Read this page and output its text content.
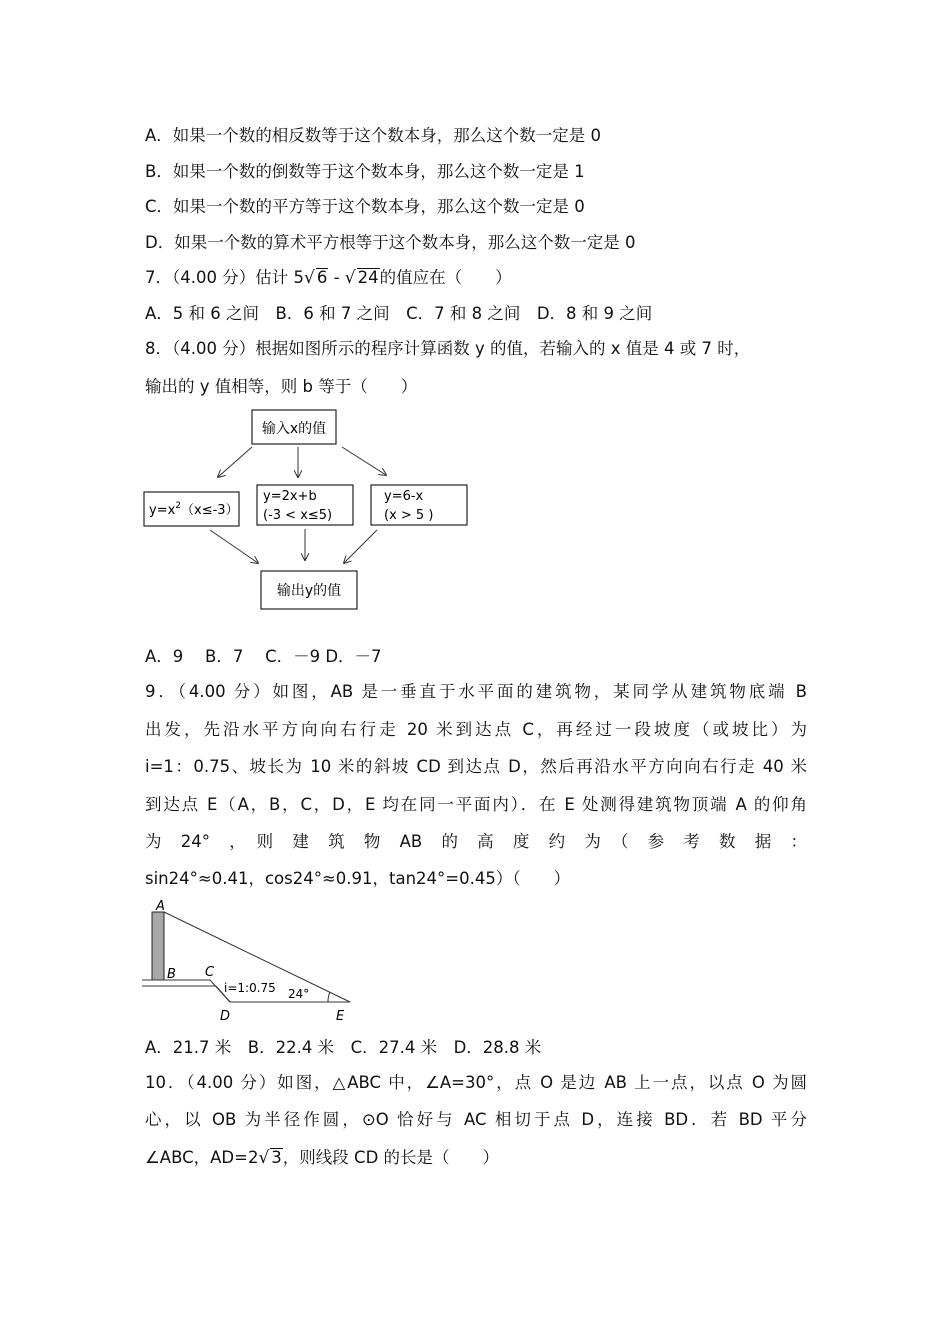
A．如果一个数的相反数等于这个数本身，那么这个数一定是 0
B．如果一个数的倒数等于这个数本身，那么这个数一定是 1
C．如果一个数的平方等于这个数本身，那么这个数一定是 0
D．如果一个数的算术平方根等于这个数本身，那么这个数一定是 0
7．（4.00 分）估计 5√ 6 - √ 24的值应在（　　）
A．5 和 6 之间　B．6 和 7 之间　C．7 和 8 之间　D．8 和 9 之间
8．（4.00 分）根据如图所示的程序计算函数 y 的值，若输入的 x 值是 4 或 7 时，
输出的 y 值相等，则 b 等于（　　）
输入x的值
$y=x^2(x\le-3)$
y=2x+b
(-3 < x≤5)
y=6-x
(x > 5 )
输出y的值
A．9　 B．7　 C．－9 D．－7
9．（4.00 分）如图，AB 是一垂直于水平面的建筑物，某同学从建筑物底端 B
出发，先沿水平方向向右行走 20 米到达点 C，再经过一段坡度（或坡比）为
i=1：0.75、坡长为 10 米的斜坡 CD 到达点 D，然后再沿水平方向向右行走 40 米
到达点 E（A，B，C，D，E 均在同一平面内）．在 E 处测得建筑物顶端 A 的仰角
为　24°　，　则　建　筑　物　AB　的　高　度　约　为　（　参　考　数　据　：
sin24°≈0.41，cos24°≈0.91，tan24°=0.45）（　　）
A
B C
D	E
i=1:0.75 24°
A．21.7 米　B．22.4 米　C．27.4 米　D．28.8 米
10．（4.00 分）如图，△ABC 中，∠A=30°，点 O 是边 AB 上一点，以点 O 为圆
心，以 OB 为半径作圆，⊙O 恰好与 AC 相切于点 D，连接 BD．若 BD 平分
∠ABC，AD=2√ 3，则线段 CD 的长是（　　）
